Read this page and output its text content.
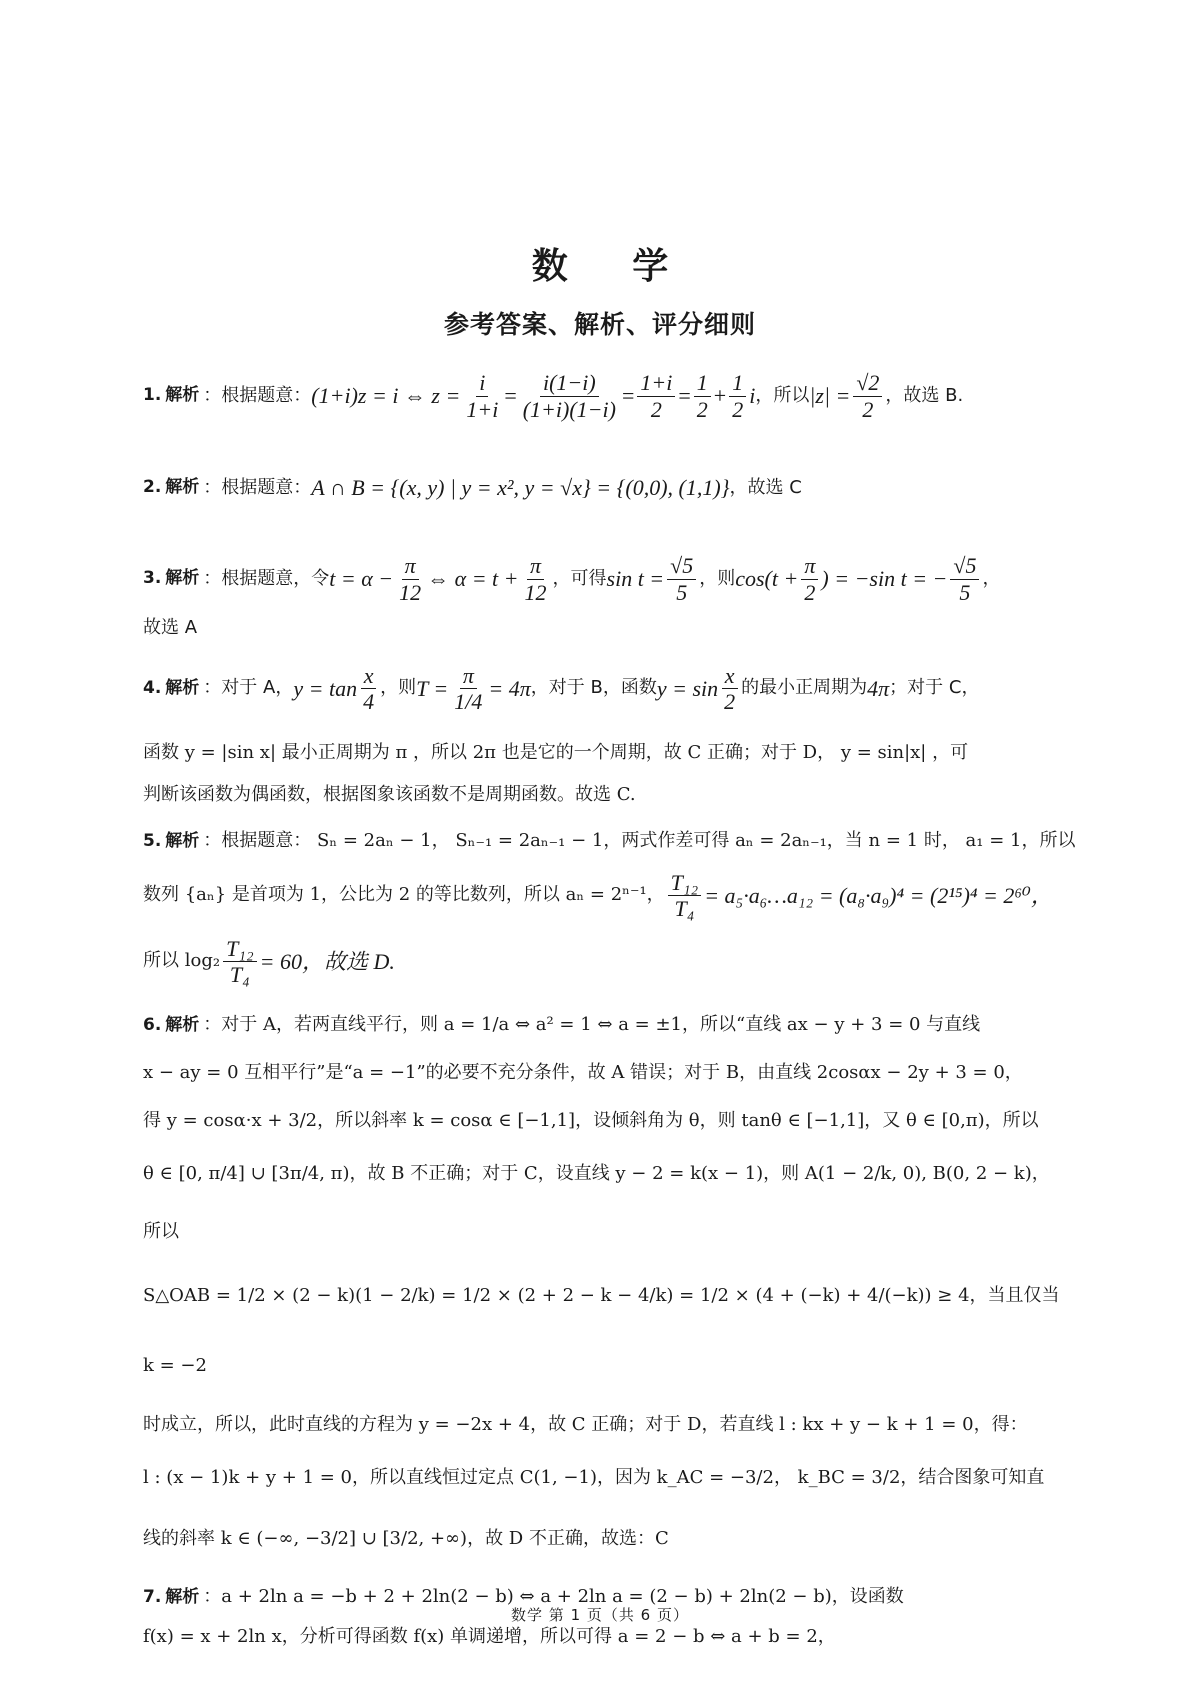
数 学
参考答案、解析、评分细则
1. 解析 ：根据题意： (1+i)z = i ⇔ $z = \frac{i}{1+i} = \frac{i(1-i)}{(1+i)(1-i)} = \frac{1+i}{2} = \frac{1}{2} + \frac{1}{2}$ i ，所以 $|z| = \frac{√2}{2}$ ，故选 B.
2. 解析 ：根据题意： A ∩ B = {(x, y) | y = x², y = √x} = {(0,0), (1,1)} ，故选 C
3. 解析 ：根据题意，令 $t = \alpha - \frac{\pi}{12}$ ⇔ $\alpha = t + \frac{\pi}{12}$ ，可得 $\sin t = \frac{√5}{5}$ ，则 $\cos(t + \frac{\pi}{2}$ ) = −sin t = − $\frac{√5}{5}$ ，
故选 A
4. 解析 ：对于 A， $y = \tan \frac{x}{4}$ ，则 $T = \frac{\pi}{1/4} = 4\pi$ ，对于 B，函数 $y = \sin \frac{x}{2}$ 的最小正周期为 4π ；对于 C，
函数 y = |sin x| 最小正周期为 π ，所以 2π 也是它的一个周期，故 C 正确；对于 D， y = sin|x| ，可
判断该函数为偶函数，根据图象该函数不是周期函数。故选 C.
5. 解析 ：根据题意： Sₙ = 2aₙ − 1， Sₙ₋₁ = 2aₙ₋₁ − 1，两式作差可得 aₙ = 2aₙ₋₁，当 n = 1 时， a₁ = 1，所以
数列 {aₙ} 是首项为 1，公比为 2 的等比数列，所以 aₙ = 2ⁿ⁻¹， $\frac{\text{T₁₂}}{\text{T₄}}$ = a₅·a₆…a₁₂ = (a₈·a₉)⁴ = (2¹⁵)⁴ = 2⁶⁰，
所以 $\log_2 \frac{\text{T₁₂}}{\text{T₄}} = 60$，故选 D.
6. 解析 ：对于 A，若两直线平行，则 a = 1/a ⇔ a² = 1 ⇔ a = ±1，所以“直线 ax − y + 3 = 0 与直线
x − ay = 0 互相平行”是“a = −1”的必要不充分条件，故 A 错误；对于 B，由直线 2cosαx − 2y + 3 = 0，
得 y = cosα·x + 3/2，所以斜率 k = cosα ∈ [−1,1]，设倾斜角为 θ，则 tanθ ∈ [−1,1]，又 θ ∈ [0,π)，所以
θ ∈ [0, π/4] ∪ [3π/4, π)，故 B 不正确；对于 C，设直线 y − 2 = k(x − 1)，则 A(1 − 2/k, 0), B(0, 2 − k)，所以
S△OAB = 1/2 × (2 − k)(1 − 2/k) = 1/2 × (2 + 2 − k − 4/k) = 1/2 × (4 + (−k) + 4/(−k)) ≥ 4，当且仅当 k = −2
时成立，所以，此时直线的方程为 y = −2x + 4，故 C 正确；对于 D，若直线 l : kx + y − k + 1 = 0，得：
l : (x − 1)k + y + 1 = 0，所以直线恒过定点 C(1, −1)，因为 k_AC = −3/2， k_BC = 3/2，结合图象可知直
线的斜率 k ∈ (−∞, −3/2] ∪ [3/2, +∞)，故 D 不正确，故选：C
7. 解析 ：a + 2ln a = −b + 2 + 2ln(2 − b) ⇔ a + 2ln a = (2 − b) + 2ln(2 − b)，设函数
f(x) = x + 2ln x，分析可得函数 f(x) 单调递增，所以可得 a = 2 − b ⇔ a + b = 2，
数学 第 1 页（共 6 页）
